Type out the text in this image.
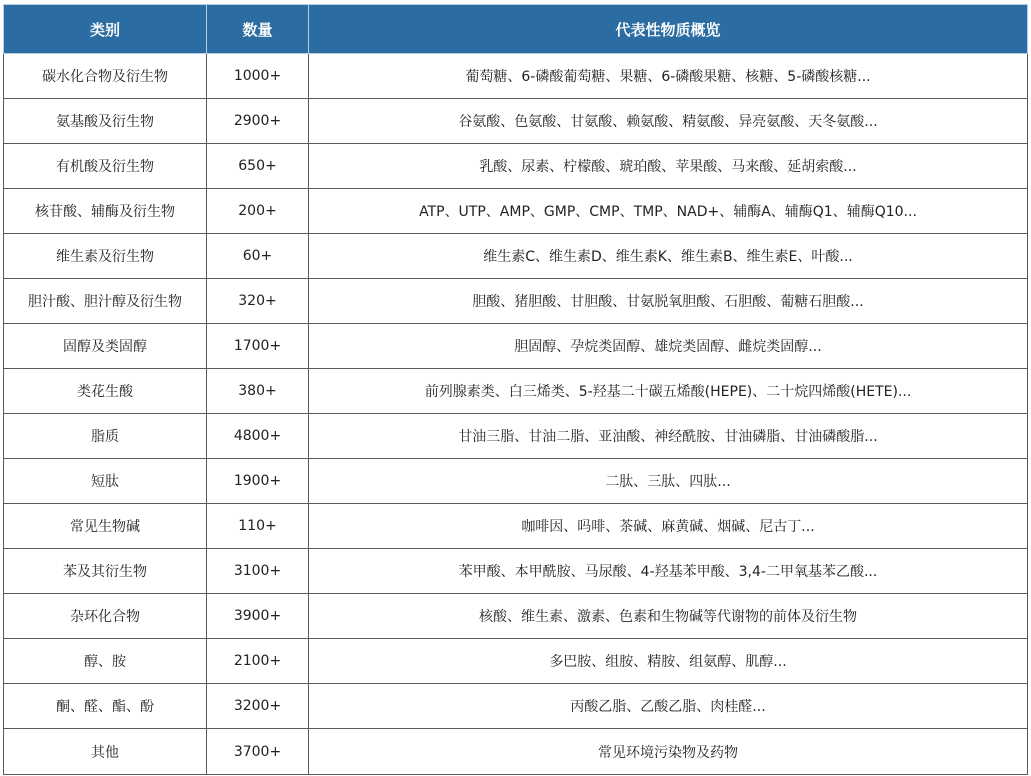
类别	数量	代表性物质概览
碳水化合物及衍生物	1000+	葡萄糖、6-磷酸葡萄糖、果糖、6-磷酸果糖、核糖、5-磷酸核糖...
氨基酸及衍生物	2900+	谷氨酸、色氨酸、甘氨酸、赖氨酸、精氨酸、异亮氨酸、天冬氨酸...
有机酸及衍生物	650+	乳酸、尿素、柠檬酸、琥珀酸、苹果酸、马来酸、延胡索酸...
核苷酸、辅酶及衍生物	200+	ATP、UTP、AMP、GMP、CMP、TMP、NAD+、辅酶A、辅酶Q1、辅酶Q10...
维生素及衍生物	60+	维生素C、维生素D、维生素K、维生素B、维生素E、叶酸...
胆汁酸、胆汁醇及衍生物	320+	胆酸、猪胆酸、甘胆酸、甘氨脱氧胆酸、石胆酸、葡糖石胆酸...
固醇及类固醇	1700+	胆固醇、孕烷类固醇、雄烷类固醇、雌烷类固醇...
类花生酸	380+	前列腺素类、白三烯类、5-羟基二十碳五烯酸(HEPE)、二十烷四烯酸(HETE)...
脂质	4800+	甘油三脂、甘油二脂、亚油酸、神经酰胺、甘油磷脂、甘油磷酸脂...
短肽	1900+	二肽、三肽、四肽...
常见生物碱	110+	咖啡因、吗啡、茶碱、麻黄碱、烟碱、尼古丁...
苯及其衍生物	3100+	苯甲酸、本甲酰胺、马尿酸、4-羟基苯甲酸、3,4-二甲氧基苯乙酸...
杂环化合物	3900+	核酸、维生素、激素、色素和生物碱等代谢物的前体及衍生物
醇、胺	2100+	多巴胺、组胺、精胺、组氨醇、肌醇...
酮、醛、酯、酚	3200+	丙酸乙脂、乙酸乙脂、肉桂醛...
其他	3700+	常见环境污染物及药物
